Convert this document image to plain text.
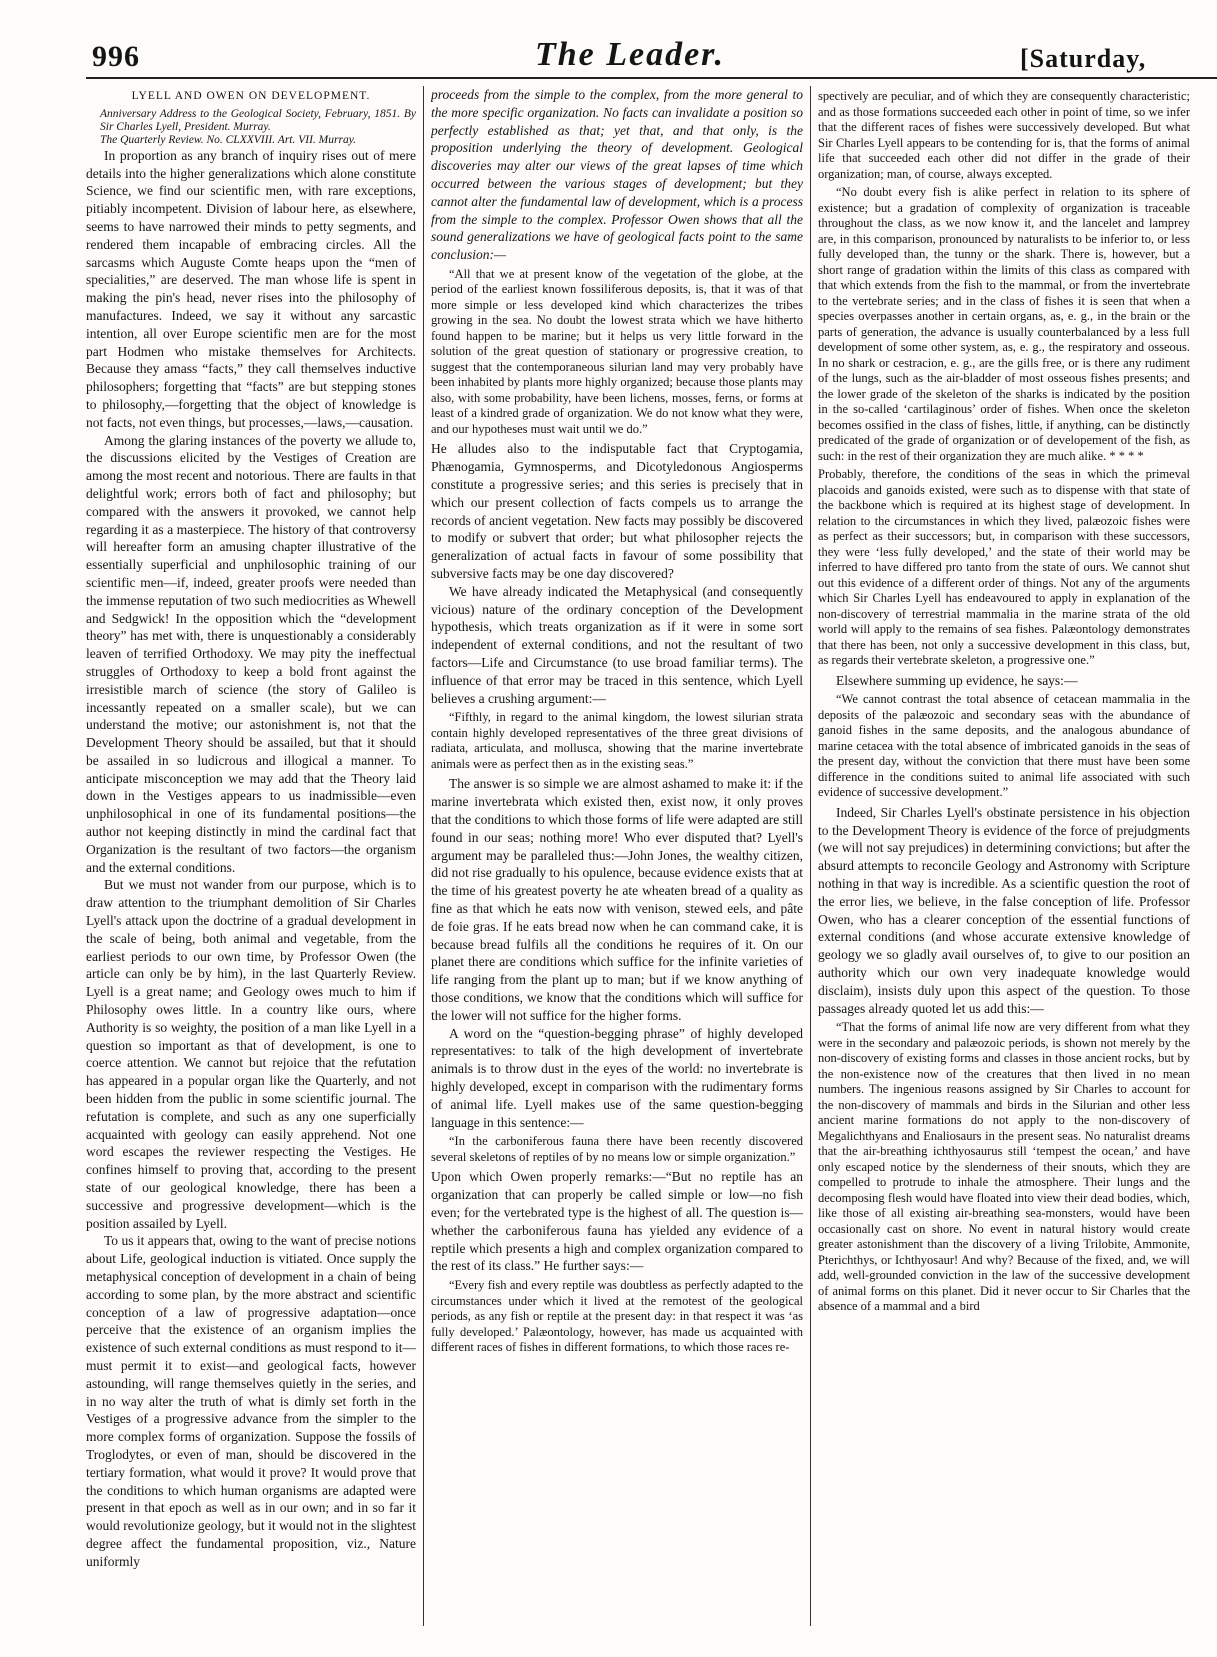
996	The Leader.	[Saturday,
LYELL AND OWEN ON DEVELOPMENT.
Anniversary Address to the Geological Society, February, 1851. By Sir Charles Lyell, President. Murray.
The Quarterly Review. No. CLXXVIII. Art. VII. Murray.

In proportion as any branch of inquiry rises out of mere details into the higher generalizations which alone constitute Science, we find our scientific men, with rare exceptions, pitiably incompetent. Division of labour here, as elsewhere, seems to have narrowed their minds to petty segments, and rendered them incapable of embracing circles. All the sarcasms which Auguste Comte heaps upon the “men of specialities,” are deserved. The man whose life is spent in making the pin's head, never rises into the philosophy of manufactures. Indeed, we say it without any sarcastic intention, all over Europe scientific men are for the most part Hodmen who mistake themselves for Architects. Because they amass “facts,” they call themselves inductive philosophers; forgetting that “facts” are but stepping stones to philosophy,—forgetting that the object of knowledge is not facts, not even things, but processes,—laws,—causation.

Among the glaring instances of the poverty we allude to, the discussions elicited by the Vestiges of Creation are among the most recent and notorious. There are faults in that delightful work; errors both of fact and philosophy; but compared with the answers it provoked, we cannot help regarding it as a masterpiece. The history of that controversy will hereafter form an amusing chapter illustrative of the essentially superficial and unphilosophic training of our scientific men—if, indeed, greater proofs were needed than the immense reputation of two such mediocrities as Whewell and Sedgwick! In the opposition which the “development theory” has met with, there is unquestionably a considerably leaven of terrified Orthodoxy. We may pity the ineffectual struggles of Orthodoxy to keep a bold front against the irresistible march of science (the story of Galileo is incessantly repeated on a smaller scale), but we can understand the motive; our astonishment is, not that the Development Theory should be assailed, but that it should be assailed in so ludicrous and illogical a manner. To anticipate misconception we may add that the Theory laid down in the Vestiges appears to us inadmissible—even unphilosophical in one of its fundamental positions—the author not keeping distinctly in mind the cardinal fact that Organization is the resultant of two factors—the organism and the external conditions.

But we must not wander from our purpose, which is to draw attention to the triumphant demolition of Sir Charles Lyell's attack upon the doctrine of a gradual development in the scale of being, both animal and vegetable, from the earliest periods to our own time, by Professor Owen (the article can only be by him), in the last Quarterly Review. Lyell is a great name; and Geology owes much to him if Philosophy owes little. In a country like ours, where Authority is so weighty, the position of a man like Lyell in a question so important as that of development, is one to coerce attention. We cannot but rejoice that the refutation has appeared in a popular organ like the Quarterly, and not been hidden from the public in some scientific journal. The refutation is complete, and such as any one superficially acquainted with geology can easily apprehend. Not one word escapes the reviewer respecting the Vestiges. He confines himself to proving that, according to the present state of our geological knowledge, there has been a successive and progressive development—which is the position assailed by Lyell.

To us it appears that, owing to the want of precise notions about Life, geological induction is vitiated. Once supply the metaphysical conception of development in a chain of being according to some plan, by the more abstract and scientific conception of a law of progressive adaptation—once perceive that the existence of an organism implies the existence of such external conditions as must respond to it—must permit it to exist—and geological facts, however astounding, will range themselves quietly in the series, and in no way alter the truth of what is dimly set forth in the Vestiges of a progressive advance from the simpler to the more complex forms of organization. Suppose the fossils of Troglodytes, or even of man, should be discovered in the tertiary formation, what would it prove? It would prove that the conditions to which human organisms are adapted were present in that epoch as well as in our own; and in so far it would revolutionize geology, but it would not in the slightest degree affect the fundamental proposition, viz., Nature uniformly

proceeds from the simple to the complex, from the more general to the more specific organization. No facts can invalidate a position so perfectly established as that; yet that, and that only, is the proposition underlying the theory of development. Geological discoveries may alter our views of the great lapses of time which occurred between the various stages of development; but they cannot alter the fundamental law of development, which is a process from the simple to the complex. Professor Owen shows that all the sound generalizations we have of geological facts point to the same conclusion:—

“All that we at present know of the vegetation of the globe, at the period of the earliest known fossiliferous deposits, is, that it was of that more simple or less developed kind which characterizes the tribes growing in the sea. No doubt the lowest strata which we have hitherto found happen to be marine; but it helps us very little forward in the solution of the great question of stationary or progressive creation, to suggest that the contemporaneous silurian land may very probably have been inhabited by plants more highly organized; because those plants may also, with some probability, have been lichens, mosses, ferns, or forms at least of a kindred grade of organization. We do not know what they were, and our hypotheses must wait until we do.”

He alludes also to the indisputable fact that Cryptogamia, Phænogamia, Gymnosperms, and Dicotyledonous Angiosperms constitute a progressive series; and this series is precisely that in which our present collection of facts compels us to arrange the records of ancient vegetation. New facts may possibly be discovered to modify or subvert that order; but what philosopher rejects the generalization of actual facts in favour of some possibility that subversive facts may be one day discovered?

We have already indicated the Metaphysical (and consequently vicious) nature of the ordinary conception of the Development hypothesis, which treats organization as if it were in some sort independent of external conditions, and not the resultant of two factors—Life and Circumstance (to use broad familiar terms). The influence of that error may be traced in this sentence, which Lyell believes a crushing argument:—

“Fifthly, in regard to the animal kingdom, the lowest silurian strata contain highly developed representatives of the three great divisions of radiata, articulata, and mollusca, showing that the marine invertebrate animals were as perfect then as in the existing seas.”

The answer is so simple we are almost ashamed to make it: if the marine invertebrata which existed then, exist now, it only proves that the conditions to which those forms of life were adapted are still found in our seas; nothing more! Who ever disputed that? Lyell's argument may be paralleled thus:—John Jones, the wealthy citizen, did not rise gradually to his opulence, because evidence exists that at the time of his greatest poverty he ate wheaten bread of a quality as fine as that which he eats now with venison, stewed eels, and pâte de foie gras. If he eats bread now when he can command cake, it is because bread fulfils all the conditions he requires of it. On our planet there are conditions which suffice for the infinite varieties of life ranging from the plant up to man; but if we know anything of those conditions, we know that the conditions which will suffice for the lower will not suffice for the higher forms.

A word on the “question-begging phrase” of highly developed representatives: to talk of the high development of invertebrate animals is to throw dust in the eyes of the world: no invertebrate is highly developed, except in comparison with the rudimentary forms of animal life. Lyell makes use of the same question-begging language in this sentence:—

“In the carboniferous fauna there have been recently discovered several skeletons of reptiles of by no means low or simple organization.”

Upon which Owen properly remarks:—“But no reptile has an organization that can properly be called simple or low—no fish even; for the vertebrated type is the highest of all. The question is—whether the carboniferous fauna has yielded any evidence of a reptile which presents a high and complex organization compared to the rest of its class.” He further says:—

“Every fish and every reptile was doubtless as perfectly adapted to the circumstances under which it lived at the remotest of the geological periods, as any fish or reptile at the present day: in that respect it was ‘as fully developed.’ Palæontology, however, has made us acquainted with different races of fishes in different formations, to which those races re-

spectively are peculiar, and of which they are consequently characteristic; and as those formations succeeded each other in point of time, so we infer that the different races of fishes were successively developed. But what Sir Charles Lyell appears to be contending for is, that the forms of animal life that succeeded each other did not differ in the grade of their organization; man, of course, always excepted.

“No doubt every fish is alike perfect in relation to its sphere of existence; but a gradation of complexity of organization is traceable throughout the class, as we now know it, and the lancelet and lamprey are, in this comparison, pronounced by naturalists to be inferior to, or less fully developed than, the tunny or the shark. There is, however, but a short range of gradation within the limits of this class as compared with that which extends from the fish to the mammal, or from the invertebrate to the vertebrate series; and in the class of fishes it is seen that when a species overpasses another in certain organs, as, e. g., in the brain or the parts of generation, the advance is usually counterbalanced by a less full development of some other system, as, e. g., the respiratory and osseous. In no shark or cestracion, e. g., are the gills free, or is there any rudiment of the lungs, such as the air-bladder of most osseous fishes presents; and the lower grade of the skeleton of the sharks is indicated by the position in the so-called ‘cartilaginous’ order of fishes. When once the skeleton becomes ossified in the class of fishes, little, if anything, can be distinctly predicated of the grade of organization or of developement of the fish, as such: in the rest of their organization they are much alike. * * * *

Probably, therefore, the conditions of the seas in which the primeval placoids and ganoids existed, were such as to dispense with that state of the backbone which is required at its highest stage of development. In relation to the circumstances in which they lived, palæozoic fishes were as perfect as their successors; but, in comparison with these successors, they were ‘less fully developed,’ and the state of their world may be inferred to have differed pro tanto from the state of ours. We cannot shut out this evidence of a different order of things. Not any of the arguments which Sir Charles Lyell has endeavoured to apply in explanation of the non-discovery of terrestrial mammalia in the marine strata of the old world will apply to the remains of sea fishes. Palæontology demonstrates that there has been, not only a successive development in this class, but, as regards their vertebrate skeleton, a progressive one.”

Elsewhere summing up evidence, he says:—

“We cannot contrast the total absence of cetacean mammalia in the deposits of the palæozoic and secondary seas with the abundance of ganoid fishes in the same deposits, and the analogous abundance of marine cetacea with the total absence of imbricated ganoids in the seas of the present day, without the conviction that there must have been some difference in the conditions suited to animal life associated with such evidence of successive development.”

Indeed, Sir Charles Lyell's obstinate persistence in his objection to the Development Theory is evidence of the force of prejudgments (we will not say prejudices) in determining convictions; but after the absurd attempts to reconcile Geology and Astronomy with Scripture nothing in that way is incredible. As a scientific question the root of the error lies, we believe, in the false conception of life. Professor Owen, who has a clearer conception of the essential functions of external conditions (and whose accurate extensive knowledge of geology we so gladly avail ourselves of, to give to our position an authority which our own very inadequate knowledge would disclaim), insists duly upon this aspect of the question. To those passages already quoted let us add this:—

“That the forms of animal life now are very different from what they were in the secondary and palæozoic periods, is shown not merely by the non-discovery of existing forms and classes in those ancient rocks, but by the non-existence now of the creatures that then lived in no mean numbers. The ingenious reasons assigned by Sir Charles to account for the non-discovery of mammals and birds in the Silurian and other less ancient marine formations do not apply to the non-discovery of Megalichthyans and Enaliosaurs in the present seas. No naturalist dreams that the air-breathing ichthyosaurus still ‘tempest the ocean,’ and have only escaped notice by the slenderness of their snouts, which they are compelled to protrude to inhale the atmosphere. Their lungs and the decomposing flesh would have floated into view their dead bodies, which, like those of all existing air-breathing sea-monsters, would have been occasionally cast on shore. No event in natural history would create greater astonishment than the discovery of a living Trilobite, Ammonite, Pterichthys, or Ichthyosaur! And why? Because of the fixed, and, we will add, well-grounded conviction in the law of the successive development of animal forms on this planet. Did it never occur to Sir Charles that the absence of a mammal and a bird
